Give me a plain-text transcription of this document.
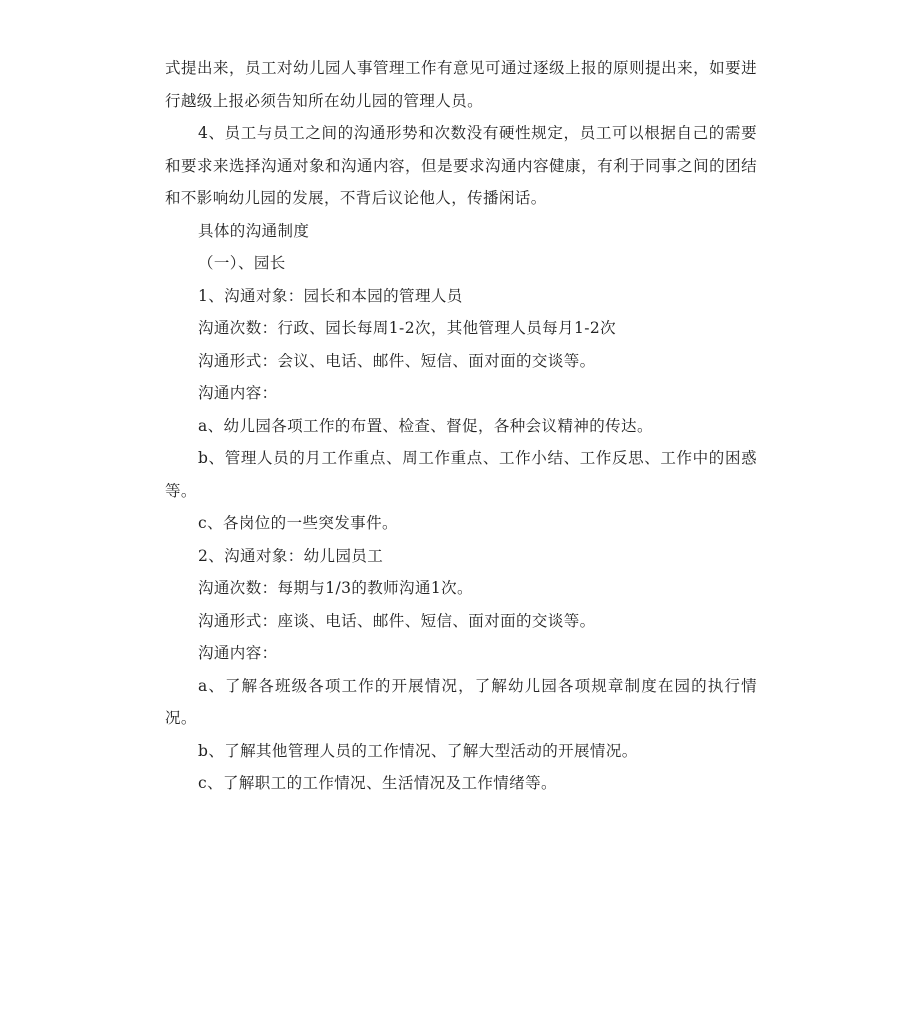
式提出来，员工对幼儿园人事管理工作有意见可通过逐级上报的原则提出来，如要进行越级上报必须告知所在幼儿园的管理人员。

4、员工与员工之间的沟通形势和次数没有硬性规定，员工可以根据自己的需要和要求来选择沟通对象和沟通内容，但是要求沟通内容健康，有利于同事之间的团结和不影响幼儿园的发展，不背后议论他人，传播闲话。

具体的沟通制度

（一）、园长

1、沟通对象：园长和本园的管理人员

沟通次数：行政、园长每周1-2次，其他管理人员每月1-2次

沟通形式：会议、电话、邮件、短信、面对面的交谈等。

沟通内容：

a、幼儿园各项工作的布置、检查、督促，各种会议精神的传达。

b、管理人员的月工作重点、周工作重点、工作小结、工作反思、工作中的困惑等。

c、各岗位的一些突发事件。

2、沟通对象：幼儿园员工

沟通次数：每期与1/3的教师沟通1次。

沟通形式：座谈、电话、邮件、短信、面对面的交谈等。

沟通内容：

a、了解各班级各项工作的开展情况，了解幼儿园各项规章制度在园的执行情况。

b、了解其他管理人员的工作情况、了解大型活动的开展情况。

c、了解职工的工作情况、生活情况及工作情绪等。
